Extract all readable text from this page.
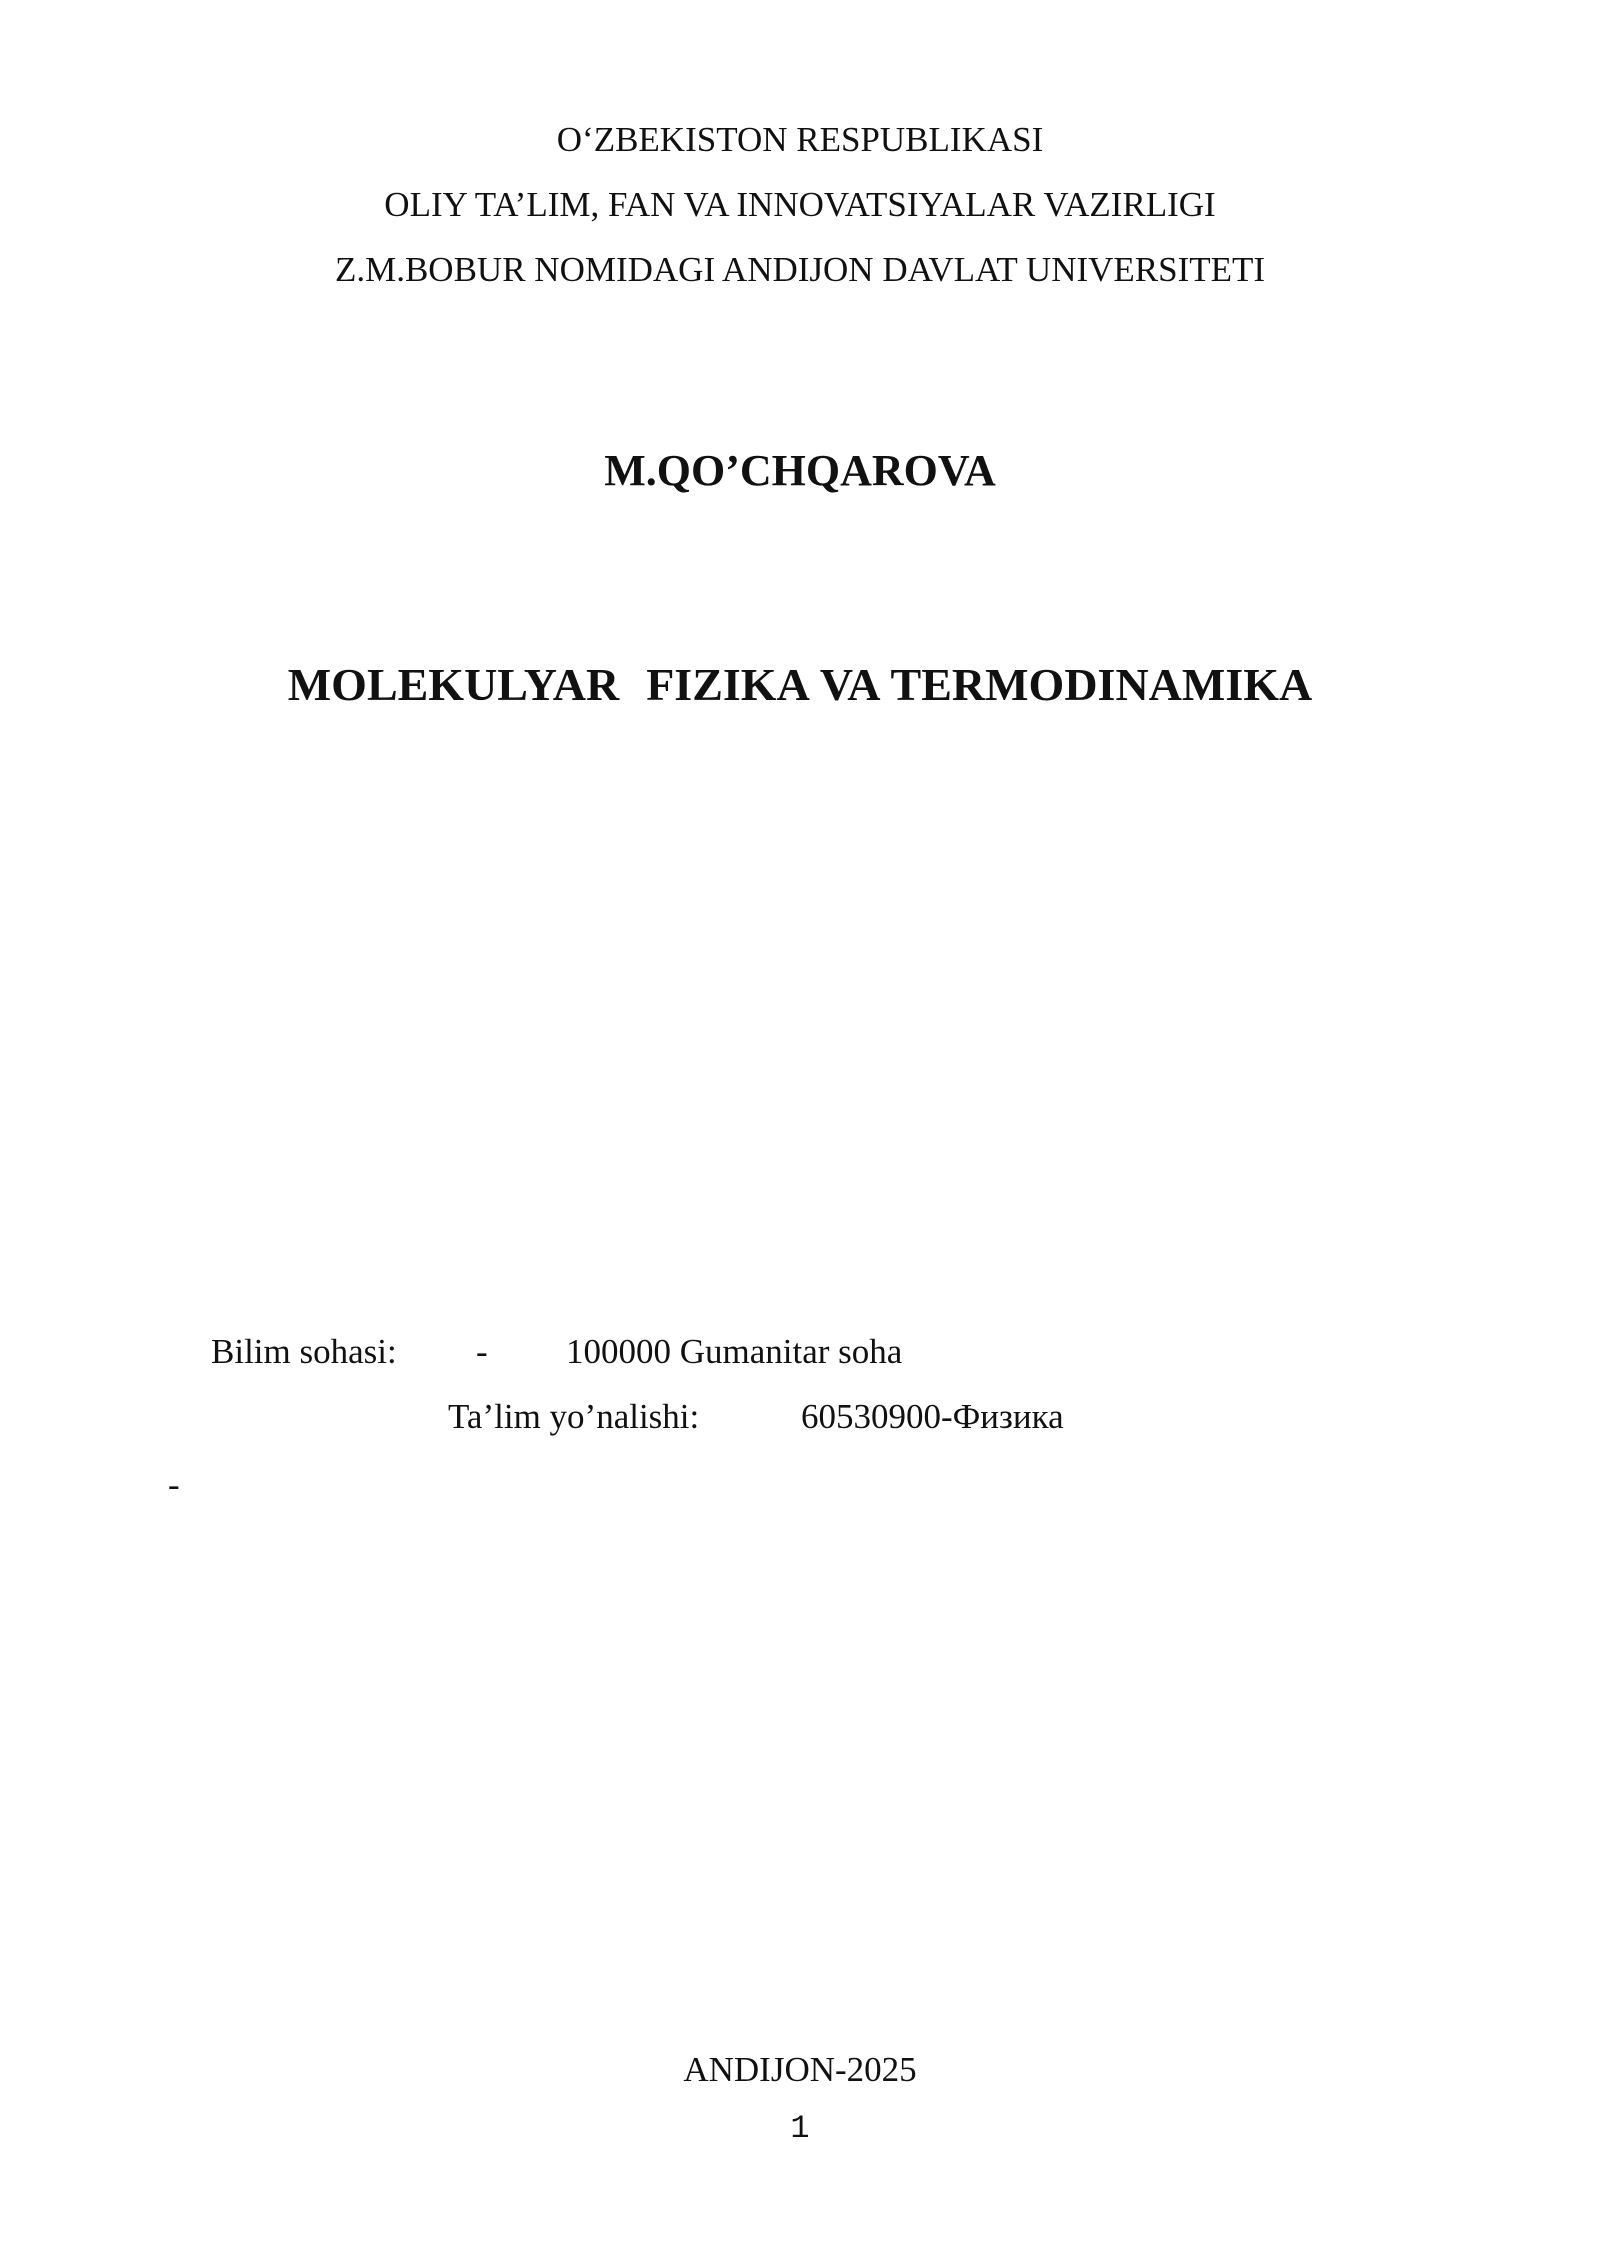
O‘ZBEKISTON RESPUBLIKASI
OLIY TA’LIM, FAN VA INNOVATSIYALAR VAZIRLIGI
Z.M.BOBUR NOMIDAGI ANDIJON DAVLAT UNIVERSITETI
M.QO’CHQAROVA
MOLEKULYAR  FIZIKA VA TERMODINAMIKA
Bilim sohasi: - 100000 Gumanitar soha
Ta’lim yo’nalishi:	60530900-Физика
-
ANDIJON-2025
1
